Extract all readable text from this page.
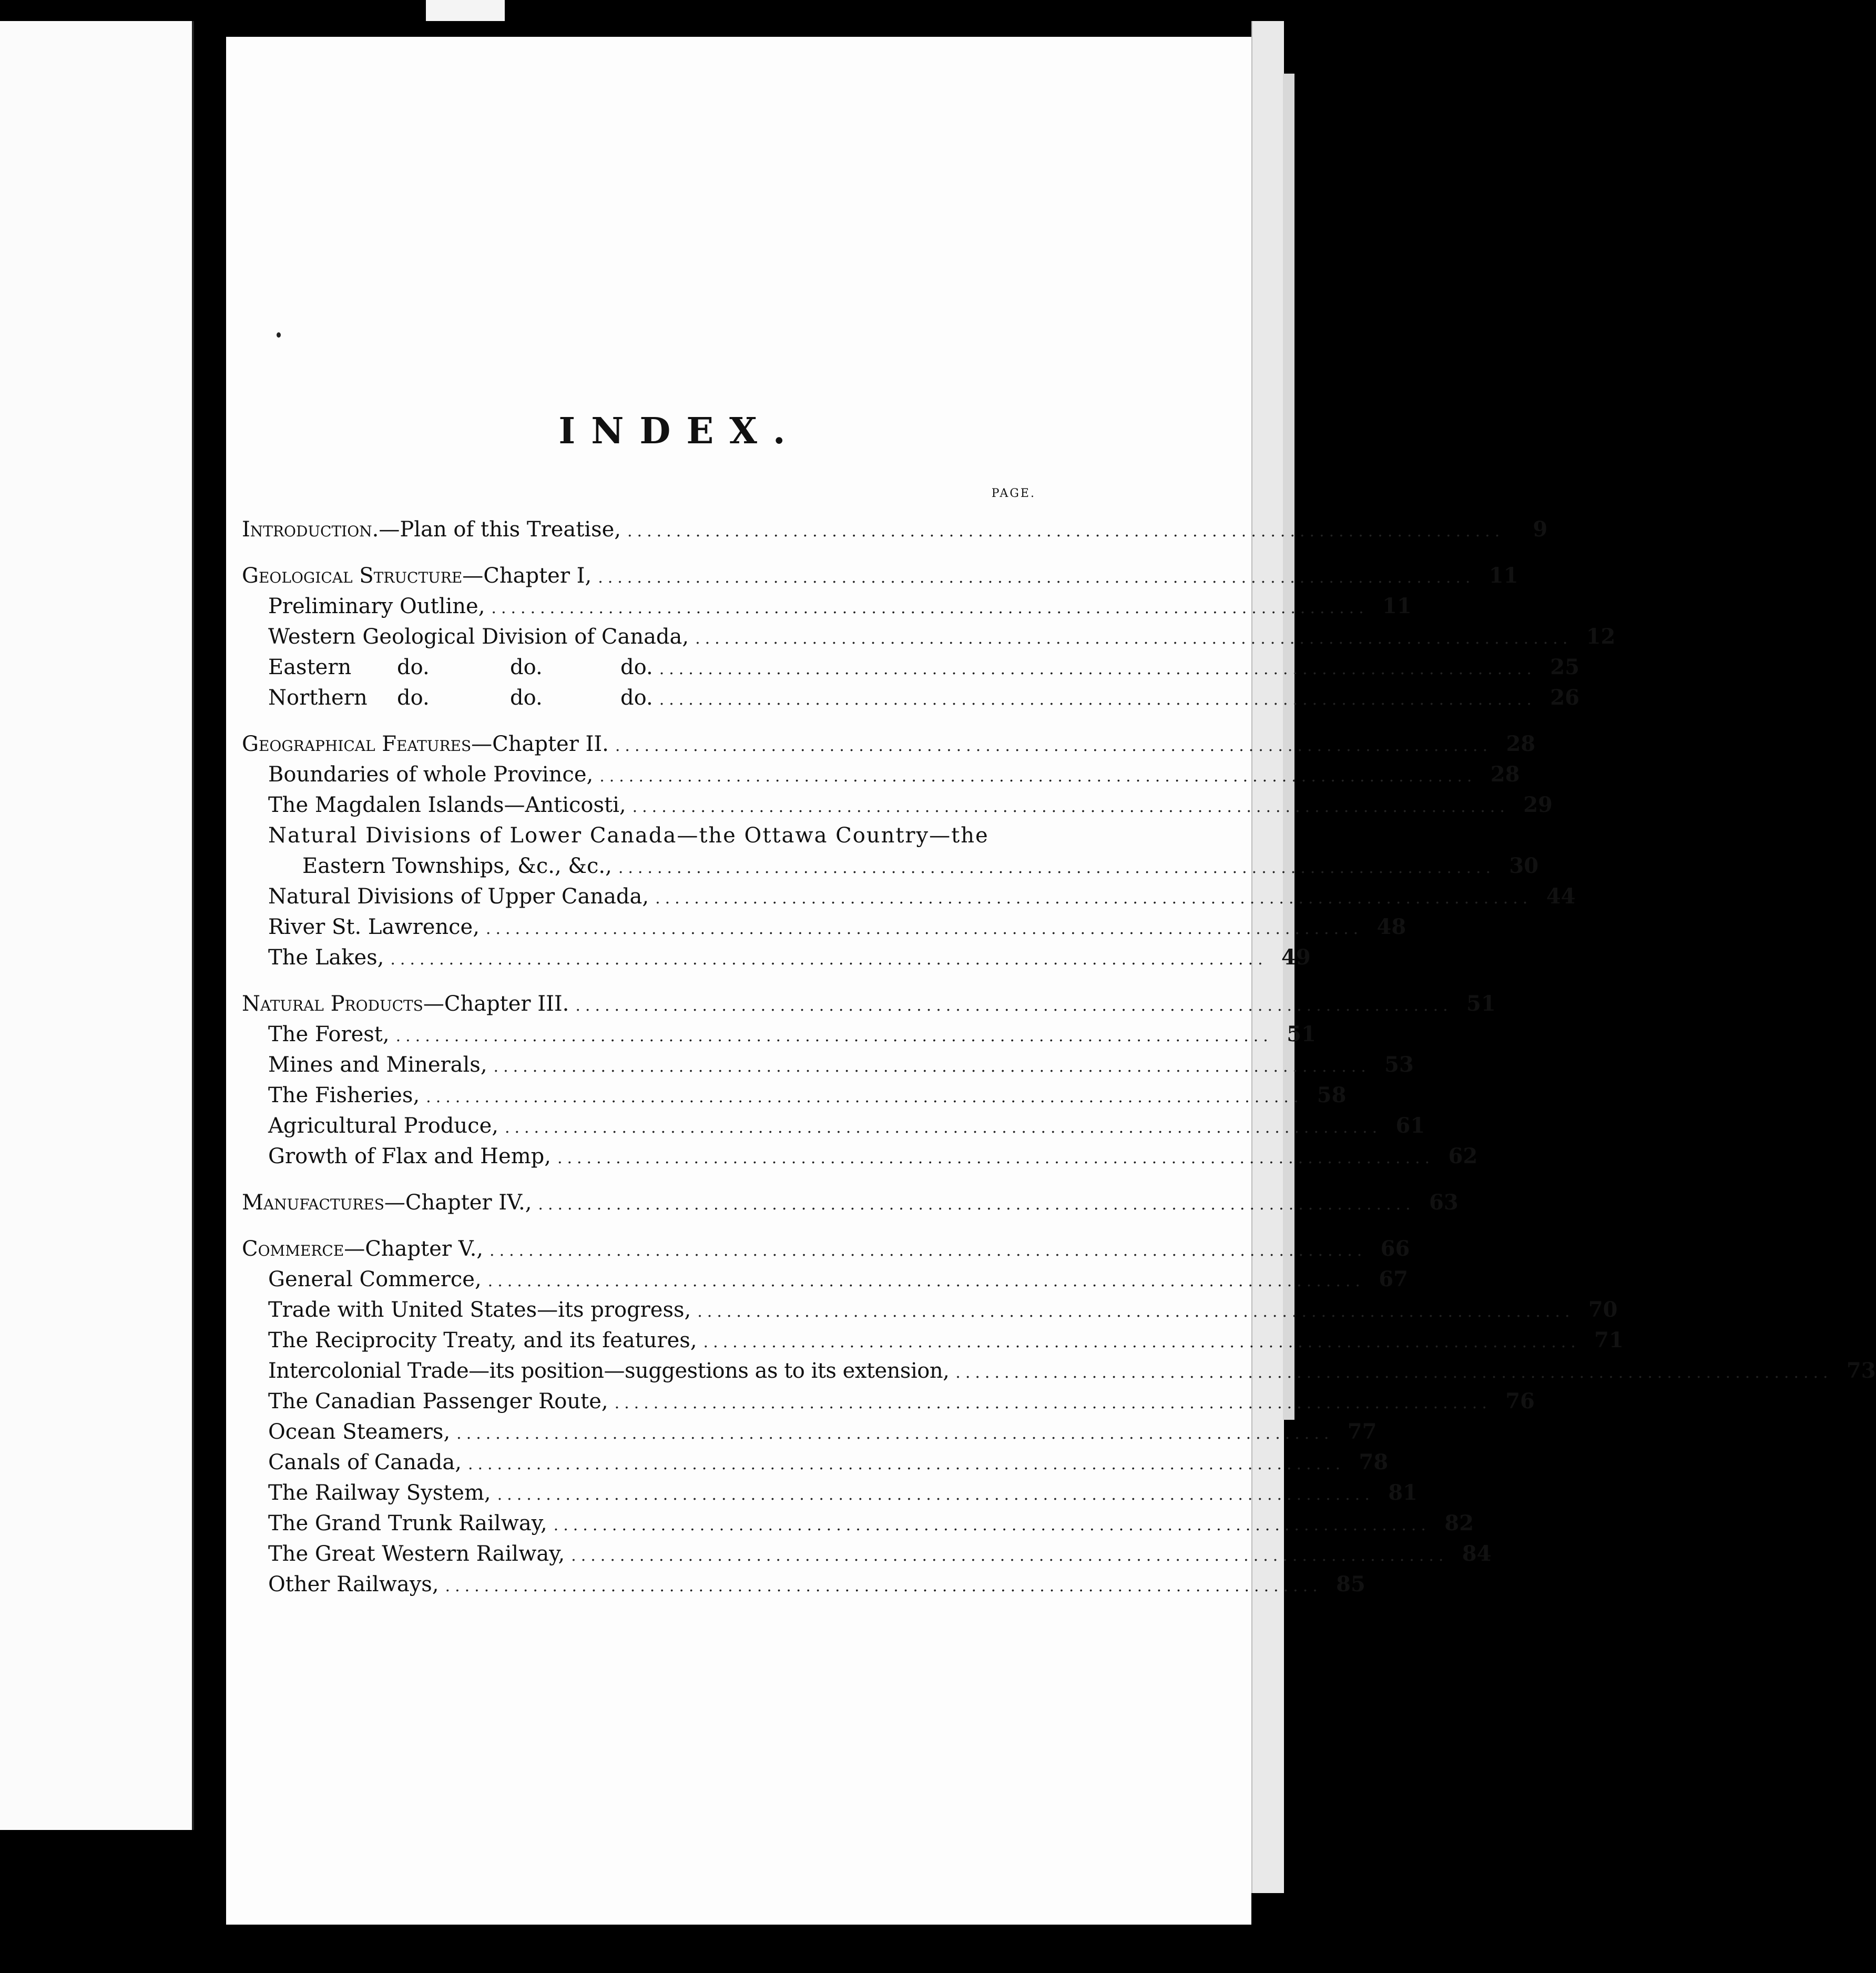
INDEX.
PAGE.
Introduction.—Plan of this Treatise, ..........................................................................................	9
Geological Structure—Chapter I, .......................................................................................... 11
Preliminary Outline, .......................................................................................... 11
Western Geological Division of Canada, .......................................................................................... 12
Eastern do.	do.	do. .......................................................................................... 25
Northern do.	do.	do. .......................................................................................... 26
Geographical Features—Chapter II. .......................................................................................... 28
Boundaries of whole Province, .......................................................................................... 28
The Magdalen Islands—Anticosti, .......................................................................................... 29
Natural Divisions of Lower Canada—the Ottawa Country—the
Eastern Townships, &c., &c., .......................................................................................... 30
Natural Divisions of Upper Canada, .......................................................................................... 44
River St. Lawrence, .......................................................................................... 48
The Lakes, .......................................................................................... 49
Natural Products—Chapter III. .......................................................................................... 51
The Forest, .......................................................................................... 51
Mines and Minerals, .......................................................................................... 53
The Fisheries, .......................................................................................... 58
Agricultural Produce, .......................................................................................... 61
Growth of Flax and Hemp, .......................................................................................... 62
Manufactures—Chapter IV., .......................................................................................... 63
Commerce—Chapter V., .......................................................................................... 66
General Commerce, .......................................................................................... 67
Trade with United States—its progress, .......................................................................................... 70
The Reciprocity Treaty, and its features, .......................................................................................... 71
Intercolonial Trade—its position—suggestions as to its extension, .......................................................................................... 73
The Canadian Passenger Route, .......................................................................................... 76
Ocean Steamers, .......................................................................................... 77
Canals of Canada, .......................................................................................... 78
The Railway System, .......................................................................................... 81
The Grand Trunk Railway, .......................................................................................... 82
The Great Western Railway, .......................................................................................... 84
Other Railways, .......................................................................................... 85
